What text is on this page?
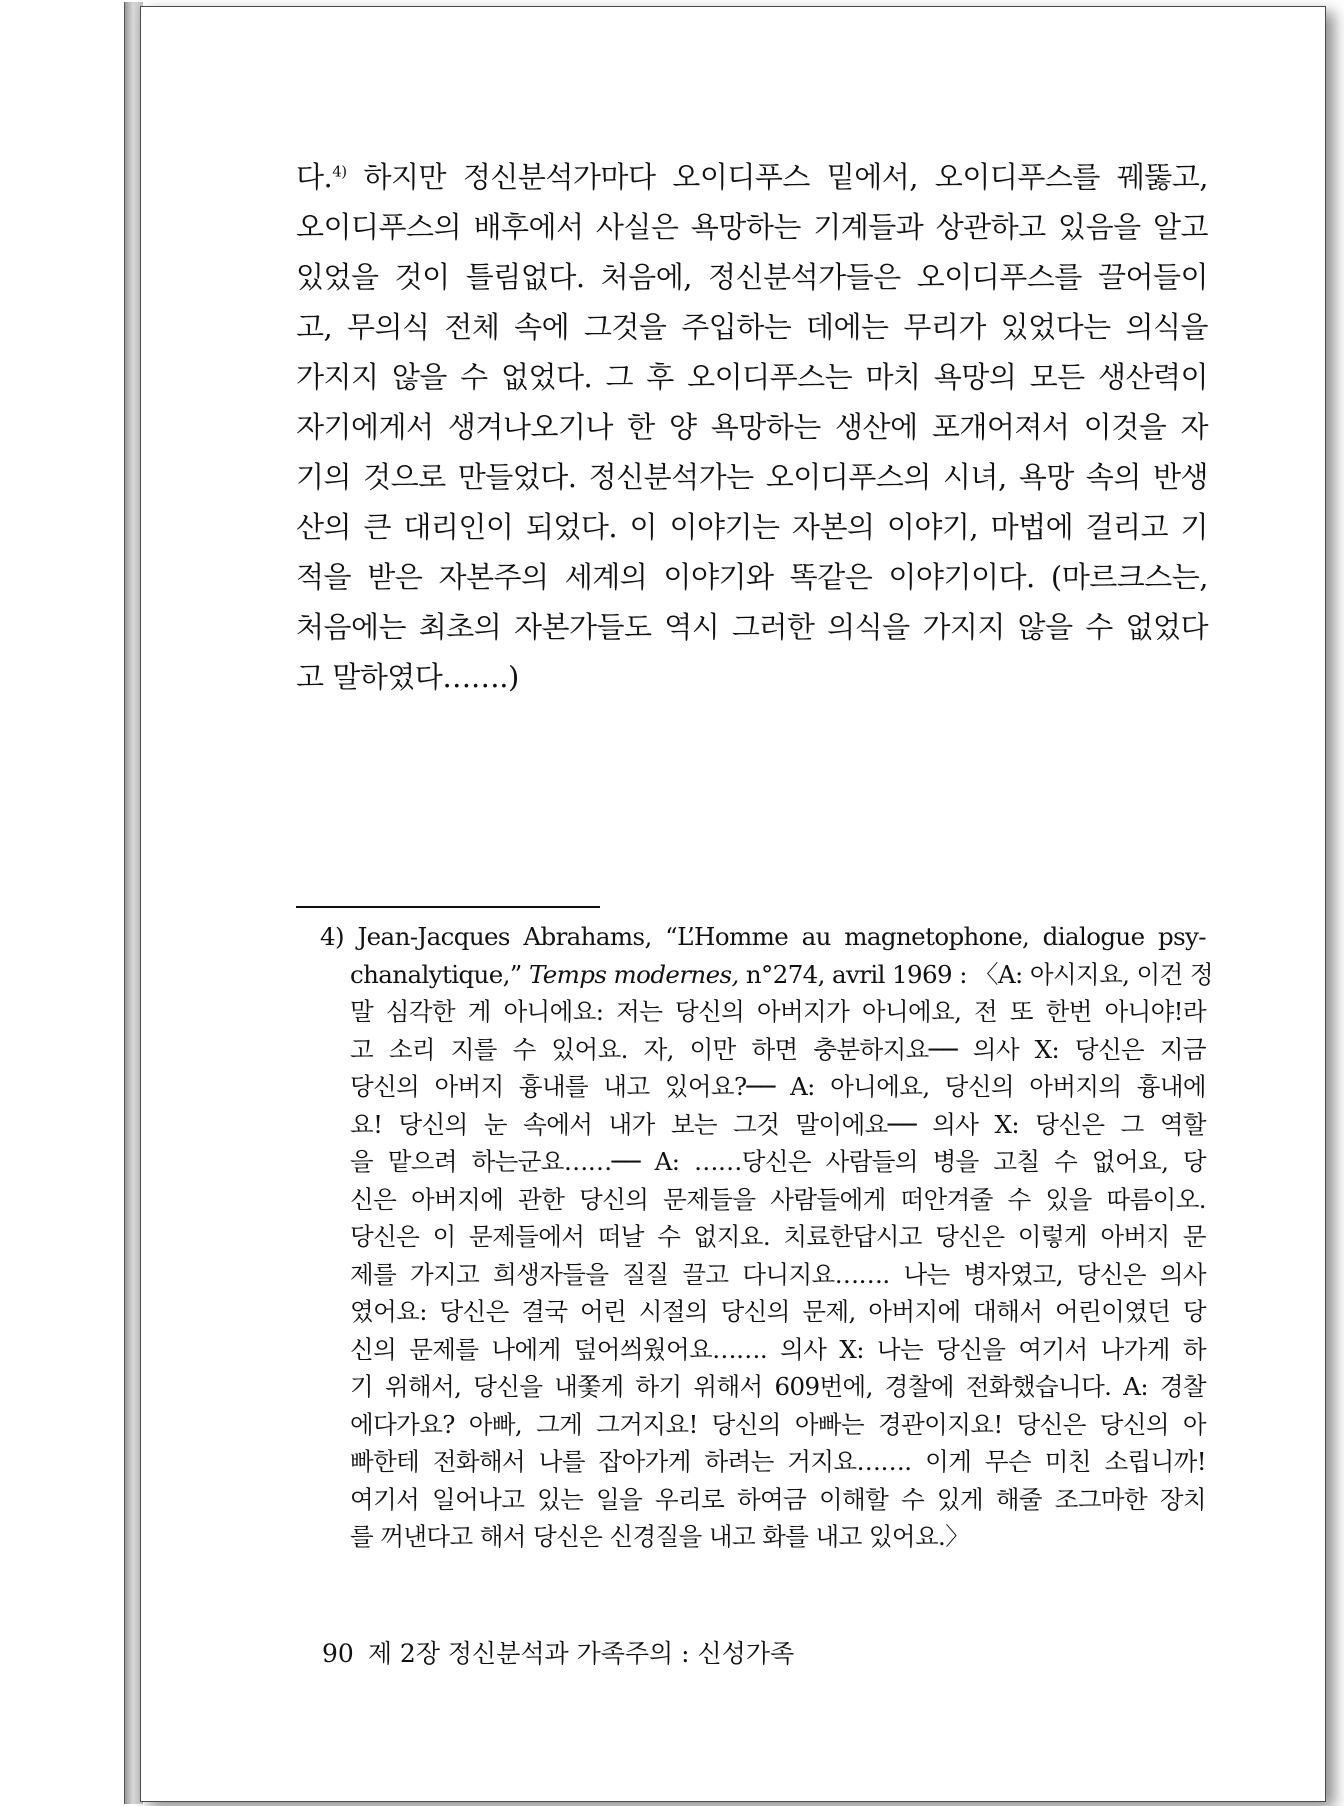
다.$^{4)}$ 하지만 정신분석가마다 오이디푸스 밑에서, 오이디푸스를 꿰뚫고,
오이디푸스의 배후에서 사실은 욕망하는 기계들과 상관하고 있음을 알고
있었을 것이 틀림없다. 처음에, 정신분석가들은 오이디푸스를 끌어들이
고, 무의식 전체 속에 그것을 주입하는 데에는 무리가 있었다는 의식을
가지지 않을 수 없었다. 그 후 오이디푸스는 마치 욕망의 모든 생산력이
자기에게서 생겨나오기나 한 양 욕망하는 생산에 포개어져서 이것을 자
기의 것으로 만들었다. 정신분석가는 오이디푸스의 시녀, 욕망 속의 반생
산의 큰 대리인이 되었다. 이 이야기는 자본의 이야기, 마법에 걸리고 기
적을 받은 자본주의 세계의 이야기와 똑같은 이야기이다. (마르크스는,
처음에는 최초의 자본가들도 역시 그러한 의식을 가지지 않을 수 없었다
고 말하였다…….)
4) Jean-Jacques Abrahams, “L’Homme au magnetophone, dialogue psy-
chanalytique,” Temps modernes, n°274, avril 1969 : 〈A: 아시지요, 이건 정
말 심각한 게 아니에요: 저는 당신의 아버지가 아니에요, 전 또 한번 아니야!라
고 소리 지를 수 있어요. 자, 이만 하면 충분하지요── 의사 X: 당신은 지금
당신의 아버지 흉내를 내고 있어요?── A: 아니에요, 당신의 아버지의 흉내에
요! 당신의 눈 속에서 내가 보는 그것 말이에요── 의사 X: 당신은 그 역할
을 맡으려 하는군요……── A: ……당신은 사람들의 병을 고칠 수 없어요, 당
신은 아버지에 관한 당신의 문제들을 사람들에게 떠안겨줄 수 있을 따름이오.
당신은 이 문제들에서 떠날 수 없지요. 치료한답시고 당신은 이렇게 아버지 문
제를 가지고 희생자들을 질질 끌고 다니지요……. 나는 병자였고, 당신은 의사
였어요: 당신은 결국 어린 시절의 당신의 문제, 아버지에 대해서 어린이였던 당
신의 문제를 나에게 덮어씌웠어요……. 의사 X: 나는 당신을 여기서 나가게 하
기 위해서, 당신을 내쫓게 하기 위해서 609번에, 경찰에 전화했습니다. A: 경찰
에다가요? 아빠, 그게 그거지요! 당신의 아빠는 경관이지요! 당신은 당신의 아
빠한테 전화해서 나를 잡아가게 하려는 거지요……. 이게 무슨 미친 소립니까!
여기서 일어나고 있는 일을 우리로 하여금 이해할 수 있게 해줄 조그마한 장치
를 꺼낸다고 해서 당신은 신경질을 내고 화를 내고 있어요.〉
90 제 2장 정신분석과 가족주의 : 신성가족
